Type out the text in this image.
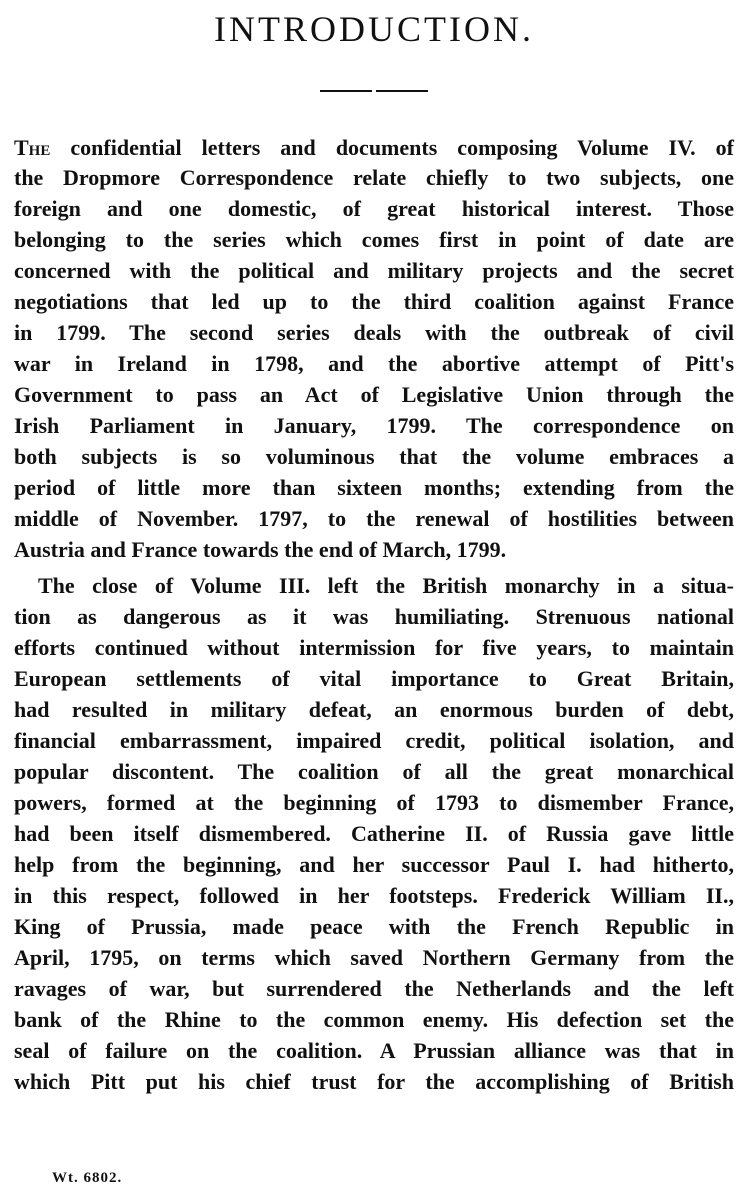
INTRODUCTION.
The confidential letters and documents composing Volume IV. of
the Dropmore Correspondence relate chiefly to two subjects, one
foreign and one domestic, of great historical interest. Those
belonging to the series which comes first in point of date are
concerned with the political and military projects and the secret
negotiations that led up to the third coalition against France
in 1799. The second series deals with the outbreak of civil
war in Ireland in 1798, and the abortive attempt of Pitt's
Government to pass an Act of Legislative Union through the
Irish Parliament in January, 1799. The correspondence on
both subjects is so voluminous that the volume embraces a
period of little more than sixteen months; extending from the
middle of November. 1797, to the renewal of hostilities between
Austria and France towards the end of March, 1799.
The close of Volume III. left the British monarchy in a situa-
tion as dangerous as it was humiliating. Strenuous national
efforts continued without intermission for five years, to maintain
European settlements of vital importance to Great Britain,
had resulted in military defeat, an enormous burden of debt,
financial embarrassment, impaired credit, political isolation, and
popular discontent. The coalition of all the great monarchical
powers, formed at the beginning of 1793 to dismember France,
had been itself dismembered. Catherine II. of Russia gave little
help from the beginning, and her successor Paul I. had hitherto,
in this respect, followed in her footsteps. Frederick William II.,
King of Prussia, made peace with the French Republic in
April, 1795, on terms which saved Northern Germany from the
ravages of war, but surrendered the Netherlands and the left
bank of the Rhine to the common enemy. His defection set the
seal of failure on the coalition. A Prussian alliance was that in
which Pitt put his chief trust for the accomplishing of British
Wt. 6802.
